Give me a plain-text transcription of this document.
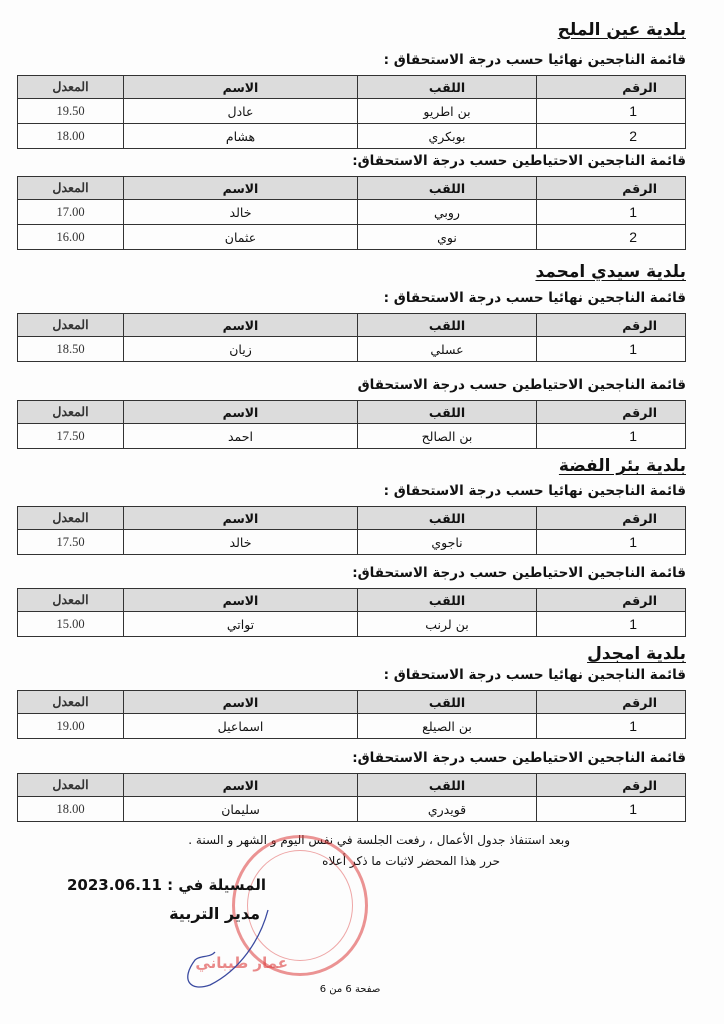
بلدية عين الملح
قائمة الناجحين نهائيا حسب درجة الاستحقاق :
الرقم	اللقب	الاسم	المعدل
1	بن اطريو	عادل	19.50
2	بوبكري	هشام	18.00
قائمة الناجحين الاحتياطين حسب درجة الاستحقاق:
الرقم	اللقب	الاسم	المعدل
1	روبي	خالد	17.00
2	نوي	عثمان	16.00
بلدية سيدي امحمد
قائمة الناجحين نهائيا حسب درجة الاستحقاق :
الرقم	اللقب	الاسم	المعدل
1	عسلي	زيان	18.50
قائمة الناجحين الاحتياطين حسب درجة الاستحقاق
الرقم	اللقب	الاسم	المعدل
1	بن الصالح	احمد	17.50
بلدية بئر الفضة
قائمة الناجحين نهائيا حسب درجة الاستحقاق :
الرقم	اللقب	الاسم	المعدل
1	ناجوي	خالد	17.50
قائمة الناجحين الاحتياطين حسب درجة الاستحقاق:
الرقم	اللقب	الاسم	المعدل
1	بن لرنب	تواتي	15.00
بلدية امجدل
قائمة الناجحين نهائيا حسب درجة الاستحقاق :
الرقم	اللقب	الاسم	المعدل
1	بن الصيلع	اسماعيل	19.00
قائمة الناجحين الاحتياطين حسب درجة الاستحقاق:
الرقم	اللقب	الاسم	المعدل
1	قويدري	سليمان	18.00
وبعد استنفاذ جدول الأعمال ، رفعت الجلسة في نفس اليوم و الشهر و السنة .
حرر هذا المحضر لاثبات ما ذكر أعلاه
المسيلة في : 2023.06.11
مدير التربية
عمار طيباني
صفحة 6 من 6
